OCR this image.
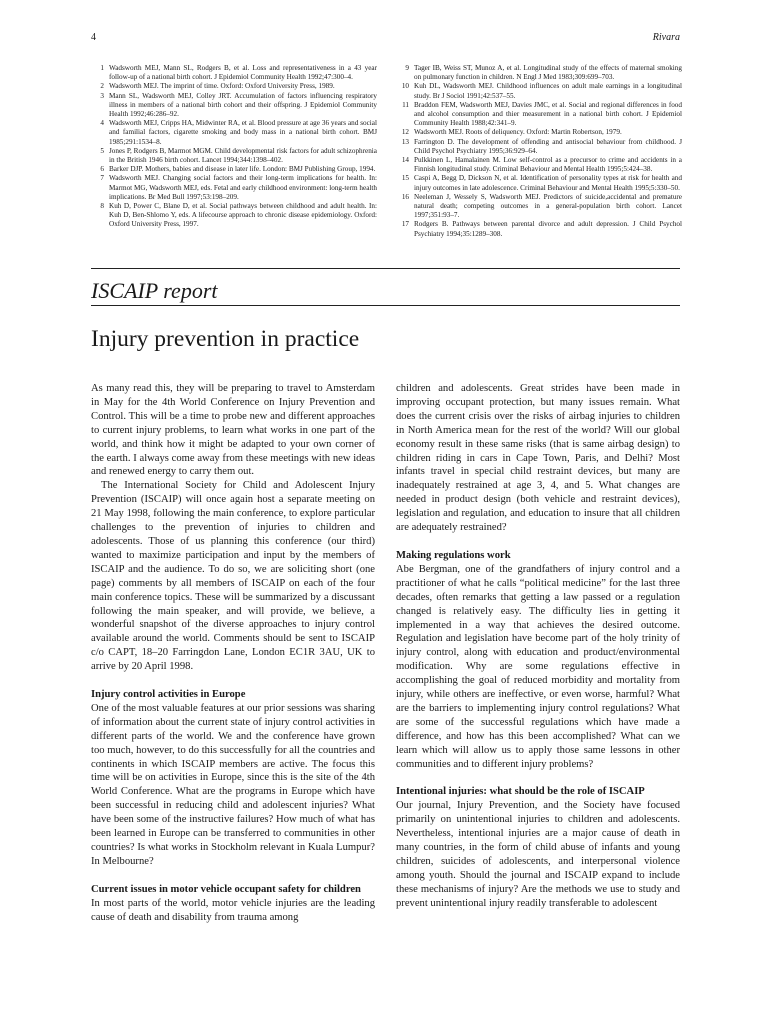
4	Rivara
1 Wadsworth MEJ, Mann SL, Rodgers B, et al. Loss and representativeness in a 43 year follow-up of a national birth cohort. J Epidemiol Community Health 1992;47:300–4.
2 Wadsworth MEJ. The imprint of time. Oxford: Oxford University Press, 1989.
3 Mann SL, Wadsworth MEJ, Colley JRT. Accumulation of factors influencing respiratory illness in members of a national birth cohort and their offspring. J Epidemiol Community Health 1992;46:286–92.
4 Wadsworth MEJ, Cripps HA, Midwinter RA, et al. Blood pressure at age 36 years and social and familial factors, cigarette smoking and body mass in a national birth cohort. BMJ 1985;291:1534–8.
5 Jones P, Rodgers B, Marmot MGM. Child developmental risk factors for adult schizophrenia in the British 1946 birth cohort. Lancet 1994;344:1398–402.
6 Barker DJP. Mothers, babies and disease in later life. London: BMJ Publishing Group, 1994.
7 Wadsworth MEJ. Changing social factors and their long-term implications for health. In: Marmot MG, Wadsworth MEJ, eds. Fetal and early childhood environment: long-term health implications. Br Med Bull 1997;53:198–209.
8 Kuh D, Power C, Blane D, et al. Social pathways between childhood and adult health. In: Kuh D, Ben-Shlomo Y, eds. A lifecourse approach to chronic disease epidemiology. Oxford: Oxford University Press, 1997.
9 Tager IB, Weiss ST, Munoz A, et al. Longitudinal study of the effects of maternal smoking on pulmonary function in children. N Engl J Med 1983;309:699–703.
10 Kuh DL, Wadsworth MEJ. Childhood influences on adult male earnings in a longitudinal study. Br J Sociol 1991;42:537–55.
11 Braddon FEM, Wadsworth MEJ, Davies JMC, et al. Social and regional differences in food and alcohol consumption and thier measurement in a national birth cohort. J Epidemiol Community Health 1988;42:341–9.
12 Wadsworth MEJ. Roots of deliquency. Oxford: Martin Robertson, 1979.
13 Farrington D. The development of offending and antisocial behaviour from childhood. J Child Psychol Psychiatry 1995;36:929–64.
14 Pulkkinen L, Hamalainen M. Low self-control as a precursor to crime and accidents in a Finnish longitudinal study. Criminal Behaviour and Mental Health 1995;5:424–38.
15 Caspi A, Begg D, Dickson N, et al. Identification of personality types at risk for health and injury outcomes in late adolescence. Criminal Behaviour and Mental Health 1995;5:330–50.
16 Neeleman J, Wessely S, Wadsworth MEJ. Predictors of suicide,accidental and premature natural death; competing outcomes in a general-population birth cohort. Lancet 1997;351:93–7.
17 Rodgers B. Pathways between parental divorce and adult depression. J Child Psychol Psychiatry 1994;35:1289–308.
ISCAIP report
Injury prevention in practice

As many read this, they will be preparing to travel to Amsterdam in May for the 4th World Conference on Injury Prevention and Control. This will be a time to probe new and different approaches to current injury problems, to learn what works in one part of the world, and think how it might be adapted to your own corner of the earth. I always come away from these meetings with new ideas and renewed energy to carry them out.

The International Society for Child and Adolescent Injury Prevention (ISCAIP) will once again host a separate meeting on 21 May 1998, following the main conference, to explore particular challenges to the prevention of injuries to children and adolescents. Those of us planning this conference (our third) wanted to maximize participation and input by the members of ISCAIP and the audience. To do so, we are soliciting short (one page) comments by all members of ISCAIP on each of the four main conference topics. These will be summarized by a discussant following the main speaker, and will provide, we believe, a wonderful snapshot of the diverse approaches to injury control available around the world. Comments should be sent to ISCAIP c/o CAPT, 18–20 Farringdon Lane, London EC1R 3AU, UK to arrive by 20 April 1998.

Injury control activities in Europe

One of the most valuable features at our prior sessions was sharing of information about the current state of injury control activities in different parts of the world. We and the conference have grown too much, however, to do this successfully for all the countries and continents in which ISCAIP members are active. The focus this time will be on activities in Europe, since this is the site of the 4th World Conference. What are the programs in Europe which have been successful in reducing child and adolescent injuries? What have been some of the instructive failures? How much of what has been learned in Europe can be transferred to communities in other countries? Is what works in Stockholm relevant in Kuala Lumpur? In Melbourne?

Current issues in motor vehicle occupant safety for children

In most parts of the world, motor vehicle injuries are the leading cause of death and disability from trauma among

children and adolescents. Great strides have been made in improving occupant protection, but many issues remain. What does the current crisis over the risks of airbag injuries to children in North America mean for the rest of the world? Will our global economy result in these same risks (that is same airbag design) to children riding in cars in Cape Town, Paris, and Delhi? Most infants travel in special child restraint devices, but many are inadequately restrained at age 3, 4, and 5. What changes are needed in product design (both vehicle and restraint devices), legislation and regulation, and education to insure that all children are adequately restrained?

Making regulations work

Abe Bergman, one of the grandfathers of injury control and a practitioner of what he calls “political medicine” for the last three decades, often remarks that getting a law passed or a regulation changed is relatively easy. The difficulty lies in getting it implemented in a way that achieves the desired outcome. Regulation and legislation have become part of the holy trinity of injury control, along with education and product/environmental modification. Why are some regulations effective in accomplishing the goal of reduced morbidity and mortality from injury, while others are ineffective, or even worse, harmful? What are the barriers to implementing injury control regulations? What are some of the successful regulations which have made a difference, and how has this been accomplished? What can we learn which will allow us to apply those same lessons in other communities and to different injury problems?

Intentional injuries: what should be the role of ISCAIP

Our journal, Injury Prevention, and the Society have focused primarily on unintentional injuries to children and adolescents. Nevertheless, intentional injuries are a major cause of death in many countries, in the form of child abuse of infants and young children, suicides of adolescents, and interpersonal violence among youth. Should the journal and ISCAIP expand to include these mechanisms of injury? Are the methods we use to study and prevent unintentional injury readily transferable to adolescent
